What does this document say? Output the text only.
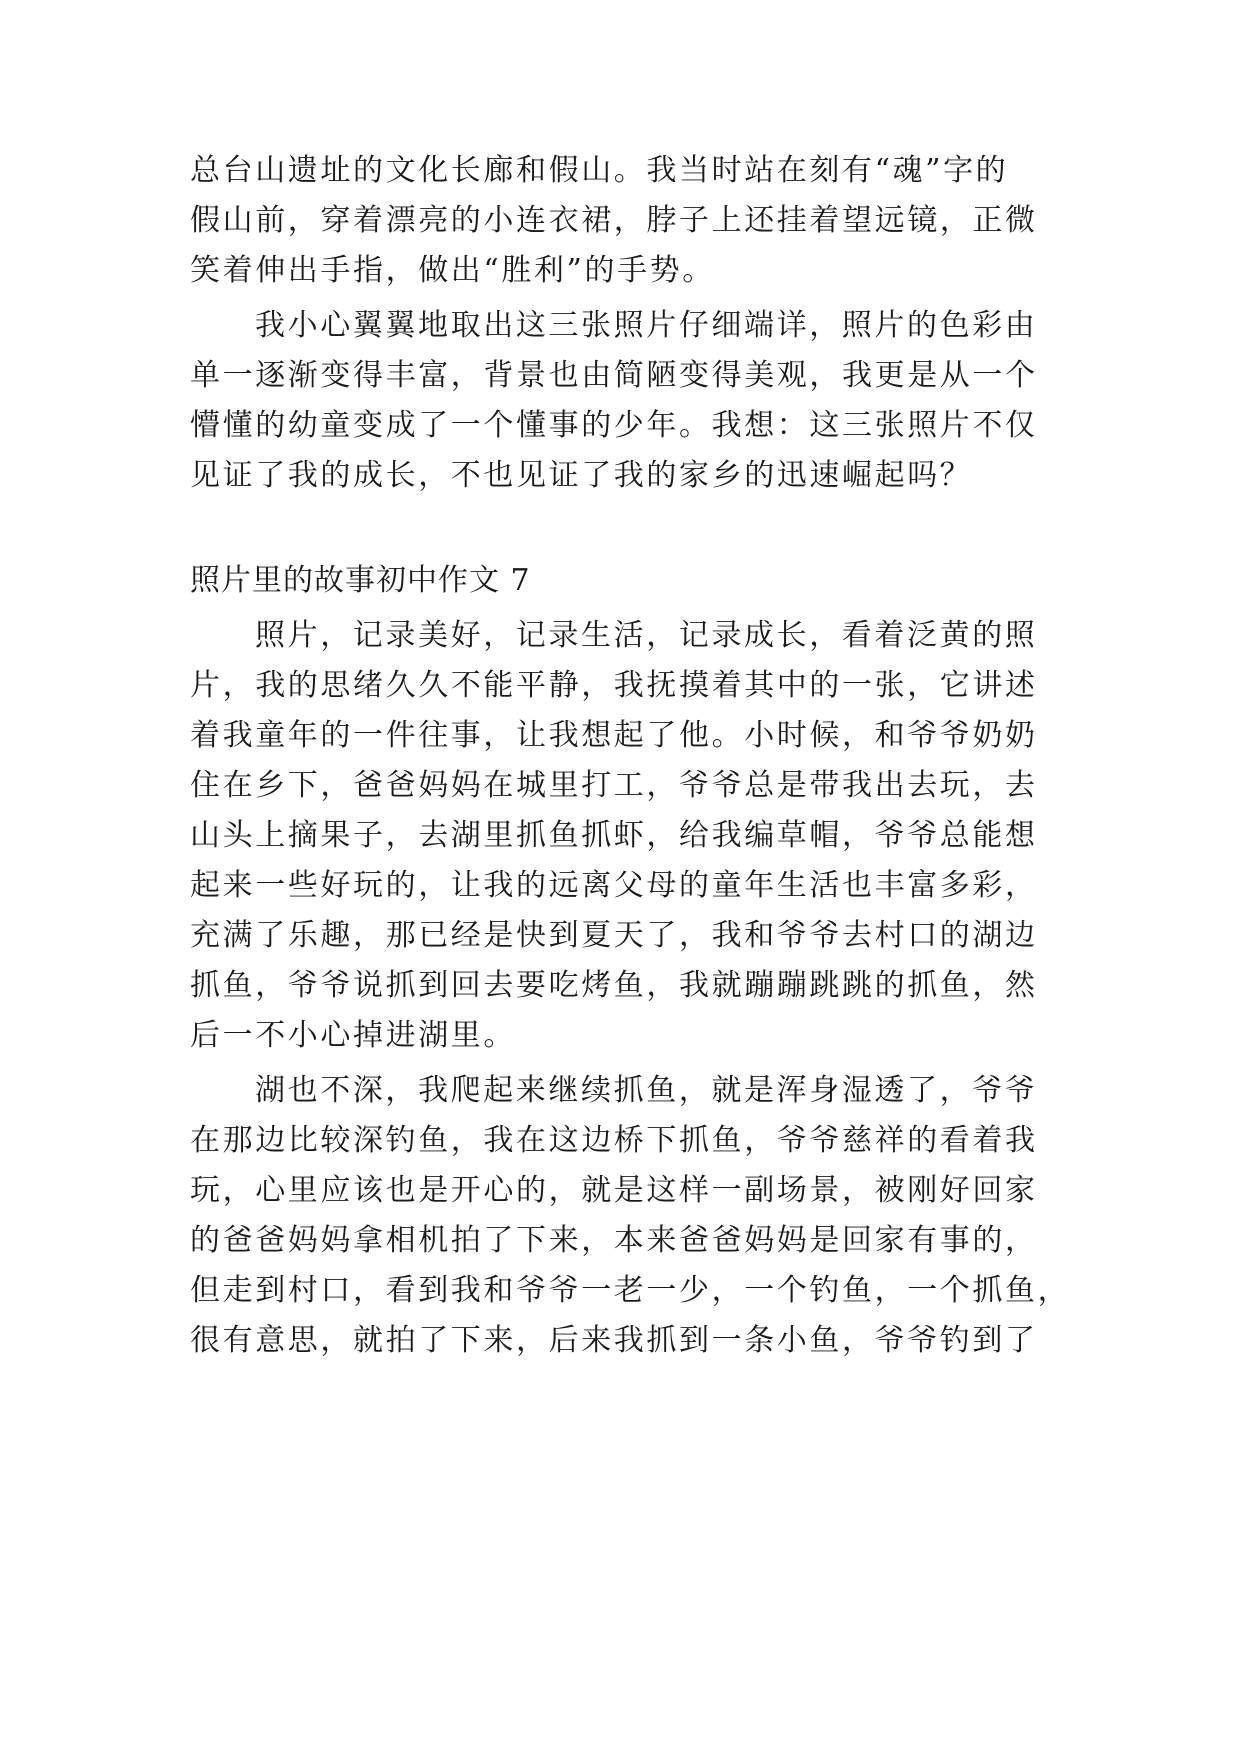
总台山遗址的文化长廊和假山。我当时站在刻有“魂”字的
假山前，穿着漂亮的小连衣裙，脖子上还挂着望远镜，正微
笑着伸出手指，做出“胜利”的手势。
我小心翼翼地取出这三张照片仔细端详，照片的色彩由
单一逐渐变得丰富，背景也由简陋变得美观，我更是从一个
懵懂的幼童变成了一个懂事的少年。我想：这三张照片不仅
见证了我的成长，不也见证了我的家乡的迅速崛起吗？
照片里的故事初中作文 7
照片，记录美好，记录生活，记录成长，看着泛黄的照
片，我的思绪久久不能平静，我抚摸着其中的一张，它讲述
着我童年的一件往事，让我想起了他。小时候，和爷爷奶奶
住在乡下，爸爸妈妈在城里打工，爷爷总是带我出去玩，去
山头上摘果子，去湖里抓鱼抓虾，给我编草帽，爷爷总能想
起来一些好玩的，让我的远离父母的童年生活也丰富多彩，
充满了乐趣，那已经是快到夏天了，我和爷爷去村口的湖边
抓鱼，爷爷说抓到回去要吃烤鱼，我就蹦蹦跳跳的抓鱼，然
后一不小心掉进湖里。
湖也不深，我爬起来继续抓鱼，就是浑身湿透了，爷爷
在那边比较深钓鱼，我在这边桥下抓鱼，爷爷慈祥的看着我
玩，心里应该也是开心的，就是这样一副场景，被刚好回家
的爸爸妈妈拿相机拍了下来，本来爸爸妈妈是回家有事的，
但走到村口，看到我和爷爷一老一少，一个钓鱼，一个抓鱼，
很有意思，就拍了下来，后来我抓到一条小鱼，爷爷钓到了
